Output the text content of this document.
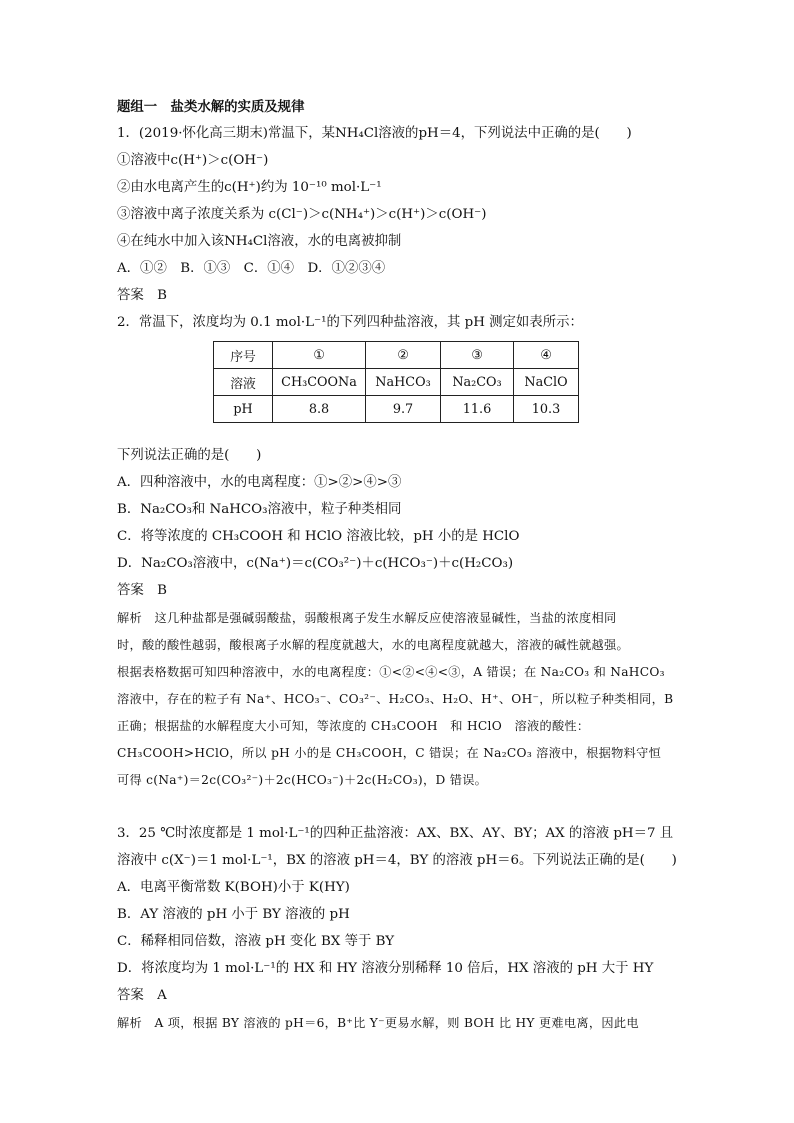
题组一　盐类水解的实质及规律
1．(2019·怀化高三期末)常温下，某NH₄Cl溶液的pH＝4，下列说法中正确的是(　　)
①溶液中c(H⁺)＞c(OH⁻)
②由水电离产生的c(H⁺)约为 10⁻¹⁰ mol·L⁻¹
③溶液中离子浓度关系为 c(Cl⁻)＞c(NH₄⁺)＞c(H⁺)＞c(OH⁻)
④在纯水中加入该NH₄Cl溶液，水的电离被抑制
A．①②　B．①③　C．①④　D．①②③④
答案　B
2．常温下，浓度均为 0.1 mol·L⁻¹的下列四种盐溶液，其 pH 测定如表所示：
序号	①	②	③	④
溶液	CH₃COONa	NaHCO₃	Na₂CO₃	NaClO
pH	8.8	9.7	11.6	10.3
下列说法正确的是(　　)
A．四种溶液中，水的电离程度：①>②>④>③
B．Na₂CO₃和 NaHCO₃溶液中，粒子种类相同
C．将等浓度的 CH₃COOH 和 HClO 溶液比较，pH 小的是 HClO
D．Na₂CO₃溶液中，c(Na⁺)＝c(CO₃²⁻)＋c(HCO₃⁻)＋c(H₂CO₃)
答案　B
解析　这几种盐都是强碱弱酸盐，弱酸根离子发生水解反应使溶液显碱性，当盐的浓度相同
时，酸的酸性越弱，酸根离子水解的程度就越大，水的电离程度就越大，溶液的碱性就越强。
根据表格数据可知四种溶液中，水的电离程度：①<②<④<③，A 错误；在 Na₂CO₃ 和 NaHCO₃
溶液中，存在的粒子有 Na⁺、HCO₃⁻、CO₃²⁻、H₂CO₃、H₂O、H⁺、OH⁻，所以粒子种类相同，B
正确；根据盐的水解程度大小可知，等浓度的 CH₃COOH　和 HClO　溶液的酸性：
CH₃COOH>HClO，所以 pH 小的是 CH₃COOH，C 错误；在 Na₂CO₃ 溶液中，根据物料守恒
可得 c(Na⁺)＝2c(CO₃²⁻)＋2c(HCO₃⁻)＋2c(H₂CO₃)，D 错误。
3．25 ℃时浓度都是 1 mol·L⁻¹的四种正盐溶液：AX、BX、AY、BY；AX 的溶液 pH＝7 且
溶液中 c(X⁻)＝1 mol·L⁻¹，BX 的溶液 pH＝4，BY 的溶液 pH＝6。下列说法正确的是(　　)
A．电离平衡常数 K(BOH)小于 K(HY)
B．AY 溶液的 pH 小于 BY 溶液的 pH
C．稀释相同倍数，溶液 pH 变化 BX 等于 BY
D．将浓度均为 1 mol·L⁻¹的 HX 和 HY 溶液分别稀释 10 倍后，HX 溶液的 pH 大于 HY
答案　A
解析　A 项，根据 BY 溶液的 pH＝6，B⁺比 Y⁻更易水解，则 BOH 比 HY 更难电离，因此电
